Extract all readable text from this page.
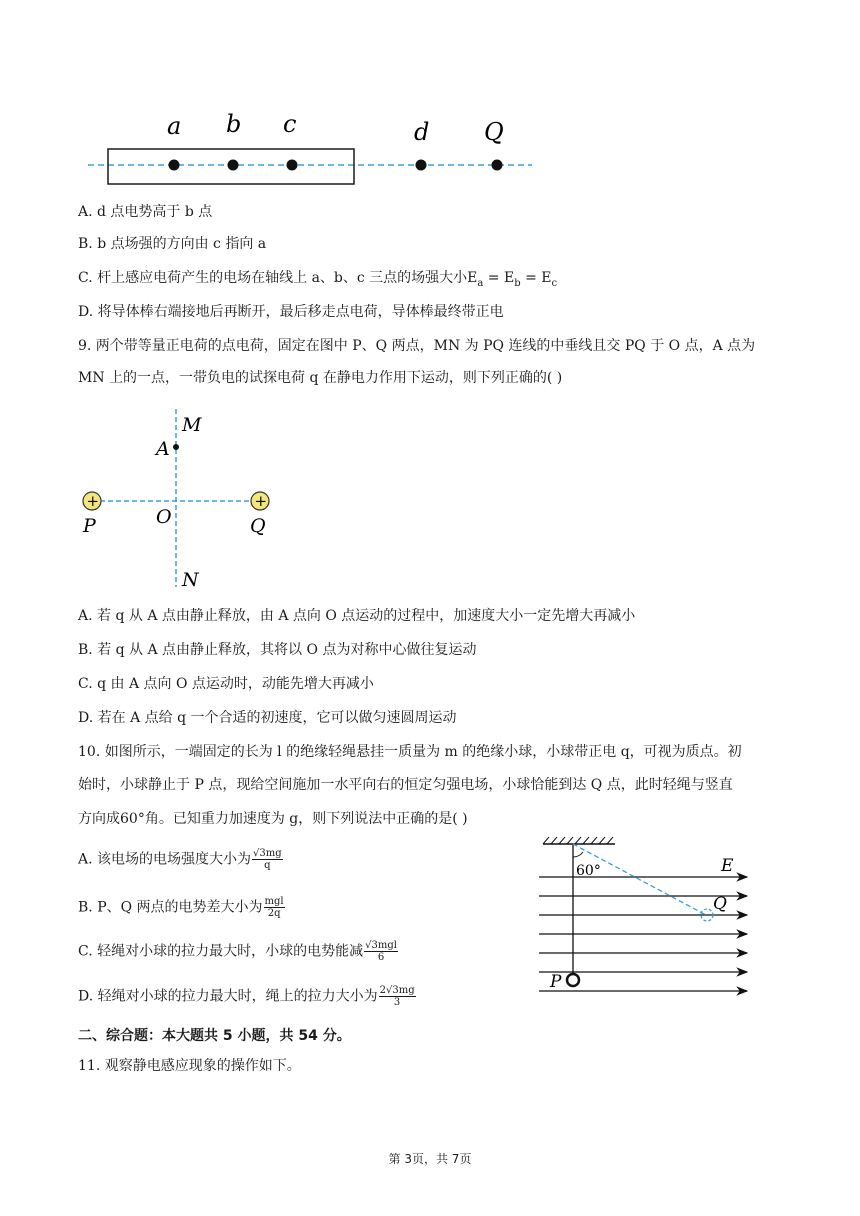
a b c	d Q
A. d 点电势高于 b 点
B. b 点场强的方向由 c 指向 a
C. 杆上感应电荷产生的电场在轴线上 a、b、c 三点的场强大小$E_a = E_b = E_c$
D. 将导体棒右端接地后再断开，最后移走点电荷，导体棒最终带正电
9. 两个带等量正电荷的点电荷，固定在图中 P、Q 两点，MN 为 PQ 连线的中垂线且交 PQ 于 O 点，A 点为
MN 上的一点，一带负电的试探电荷 q 在静电力作用下运动，则下列正确的( )
+	+
M
A
P	O	Q
N
A. 若 q 从 A 点由静止释放，由 A 点向 O 点运动的过程中，加速度大小一定先增大再减小
B. 若 q 从 A 点由静止释放，其将以 O 点为对称中心做往复运动
C. q 由 A 点向 O 点运动时，动能先增大再减小
D. 若在 A 点给 q 一个合适的初速度，它可以做匀速圆周运动
10. 如图所示，一端固定的长为 l 的绝缘轻绳悬挂一质量为 m 的绝缘小球，小球带正电 q，可视为质点。初
始时，小球静止于 P 点，现给空间施加一水平向右的恒定匀强电场，小球恰能到达 Q 点，此时轻绳与竖直
方向成60°角。已知重力加速度为 g，则下列说法中正确的是( )
A. 该电场的电场强度大小为 $\frac{√3mg}{q}$
B. P、Q 两点的电势差大小为 $\frac{\text{mgl}}{2q}$
C. 轻绳对小球的拉力最大时，小球的电势能减 $\frac{\text{√3mgl}}{6}$
D. 轻绳对小球的拉力最大时，绳上的拉力大小为 $\frac{2√3mg}{3}$
60°	E
Q
P
二、综合题：本大题共 5 小题，共 54 分。
11. 观察静电感应现象的操作如下。
第 3页，共 7页
